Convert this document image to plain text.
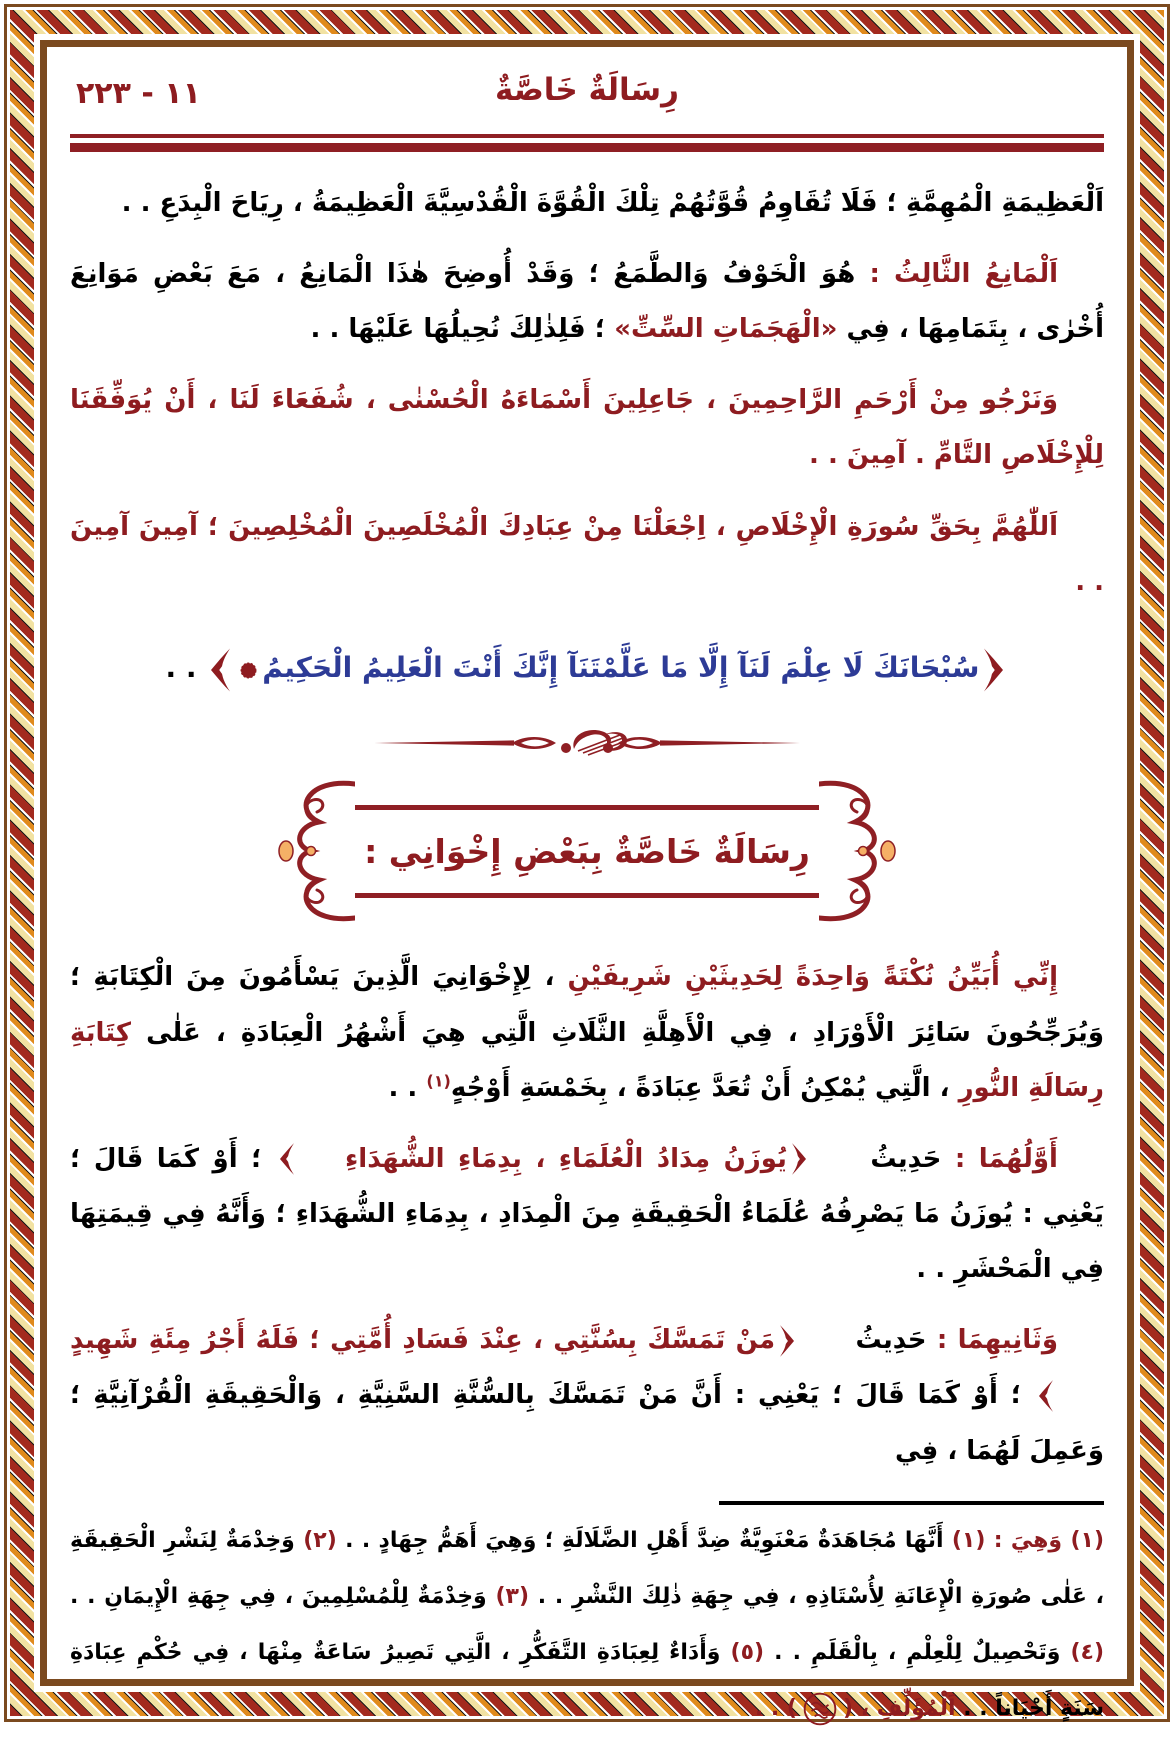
١١ - ٢٢٣	رِسَالَةٌ خَاصَّةٌ

اَلْعَظِيمَةِ الْمُهِمَّةِ ؛ فَلَا تُقَاوِمُ قُوَّتُهُمْ تِلْكَ الْقُوَّةَ الْقُدْسِيَّةَ الْعَظِيمَةُ ، رِيَاحَ الْبِدَعِ . .

اَلْمَانِعُ الثَّالِثُ : هُوَ الْخَوْفُ وَالطَّمَعُ ؛ وَقَدْ أُوضِحَ هٰذَا الْمَانِعُ ، مَعَ بَعْضِ مَوَانِعَ أُخْرٰى ، بِتَمَامِهَا ، فِي «الْهَجَمَاتِ السِّتِّ» ؛ فَلِذٰلِكَ نُحِيلُهَا عَلَيْهَا . .

وَنَرْجُو مِنْ أَرْحَمِ الرَّاحِمِينَ ، جَاعِلِينَ أَسْمَاءَهُ الْحُسْنٰى ، شُفَعَاءَ لَنَا ، أَنْ يُوَفِّقَنَا لِلْإِخْلَاصِ التَّامِّ . آمِينَ . .

اَللّٰهُمَّ بِحَقِّ سُورَةِ الْإِخْلَاصِ ، اِجْعَلْنَا مِنْ عِبَادِكَ الْمُخْلَصِينَ الْمُخْلِصِينَ ؛ آمِينَ آمِينَ . .

سُبْحَانَكَ لَا عِلْمَ لَنَآ إِلَّا مَا عَلَّمْتَنَآ إِنَّكَ أَنْتَ الْعَلِيمُ الْحَكِيمُ . .

رِسَالَةٌ خَاصَّةٌ بِبَعْضِ إِخْوَانِي :

إِنِّي أُبَيِّنُ نُكْتَةً وَاحِدَةً لِحَدِيثَيْنِ شَرِيفَيْنِ ، لِإِخْوَانِيَ الَّذِينَ يَسْأَمُونَ مِنَ الْكِتَابَةِ ؛ وَيُرَجِّحُونَ سَائِرَ الْأَوْرَادِ ، فِي الْأَهِلَّةِ الثَّلَاثِ الَّتِي هِيَ أَشْهُرُ الْعِبَادَةِ ، عَلٰى كِتَابَةِ رِسَالَةِ النُّورِ ، الَّتِي يُمْكِنُ أَنْ تُعَدَّ عِبَادَةً ، بِخَمْسَةِ أَوْجُهٍ$^{(١)}$ . .

أَوَّلُهُمَا : حَدِيثُ يُوزَنُ مِدَادُ الْعُلَمَاءِ ، بِدِمَاءِ الشُّهَدَاءِ ؛ أَوْ كَمَا قَالَ ؛ يَعْنِي : يُوزَنُ مَا يَصْرِفُهُ عُلَمَاءُ الْحَقِيقَةِ مِنَ الْمِدَادِ ، بِدِمَاءِ الشُّهَدَاءِ ؛ وَأَنَّهُ فِي قِيمَتِهَا فِي الْمَحْشَرِ . .

وَثَانِيهِمَا : حَدِيثُ مَنْ تَمَسَّكَ بِسُنَّتِي ، عِنْدَ فَسَادِ أُمَّتِي ؛ فَلَهُ أَجْرُ مِئَةِ شَهِيدٍ ؛ أَوْ كَمَا قَالَ ؛ يَعْنِي : أَنَّ مَنْ تَمَسَّكَ بِالسُّنَّةِ السَّنِيَّةِ ، وَالْحَقِيقَةِ الْقُرْآنِيَّةِ ؛ وَعَمِلَ لَهُمَا ، فِي

(١) وَهِيَ : (١) أَنَّهَا مُجَاهَدَةٌ مَعْنَوِيَّةٌ ضِدَّ أَهْلِ الضَّلَالَةِ ؛ وَهِيَ أَهَمُّ جِهَادٍ . . (٢) وَخِدْمَةٌ لِنَشْرِ الْحَقِيقَةِ ، عَلٰى صُورَةِ الْإِعَانَةِ لِأُسْتَاذِهِ ، فِي جِهَةِ ذٰلِكَ النَّشْرِ . . (٣) وَخِدْمَةٌ لِلْمُسْلِمِينَ ، فِي جِهَةِ الْإِيمَانِ . . (٤) وَتَحْصِيلٌ لِلْعِلْمِ ، بِالْقَلَمِ . . (٥) وَأَدَاءٌ لِعِبَادَةِ التَّفَكُّرِ ، الَّتِي تَصِيرُ سَاعَةٌ مِنْهَا ، فِي حُكْمِ عِبَادَةِ سَنَةٍ أَحْيَاناً . . اَلْمُؤَلِّفِ ، () . .
